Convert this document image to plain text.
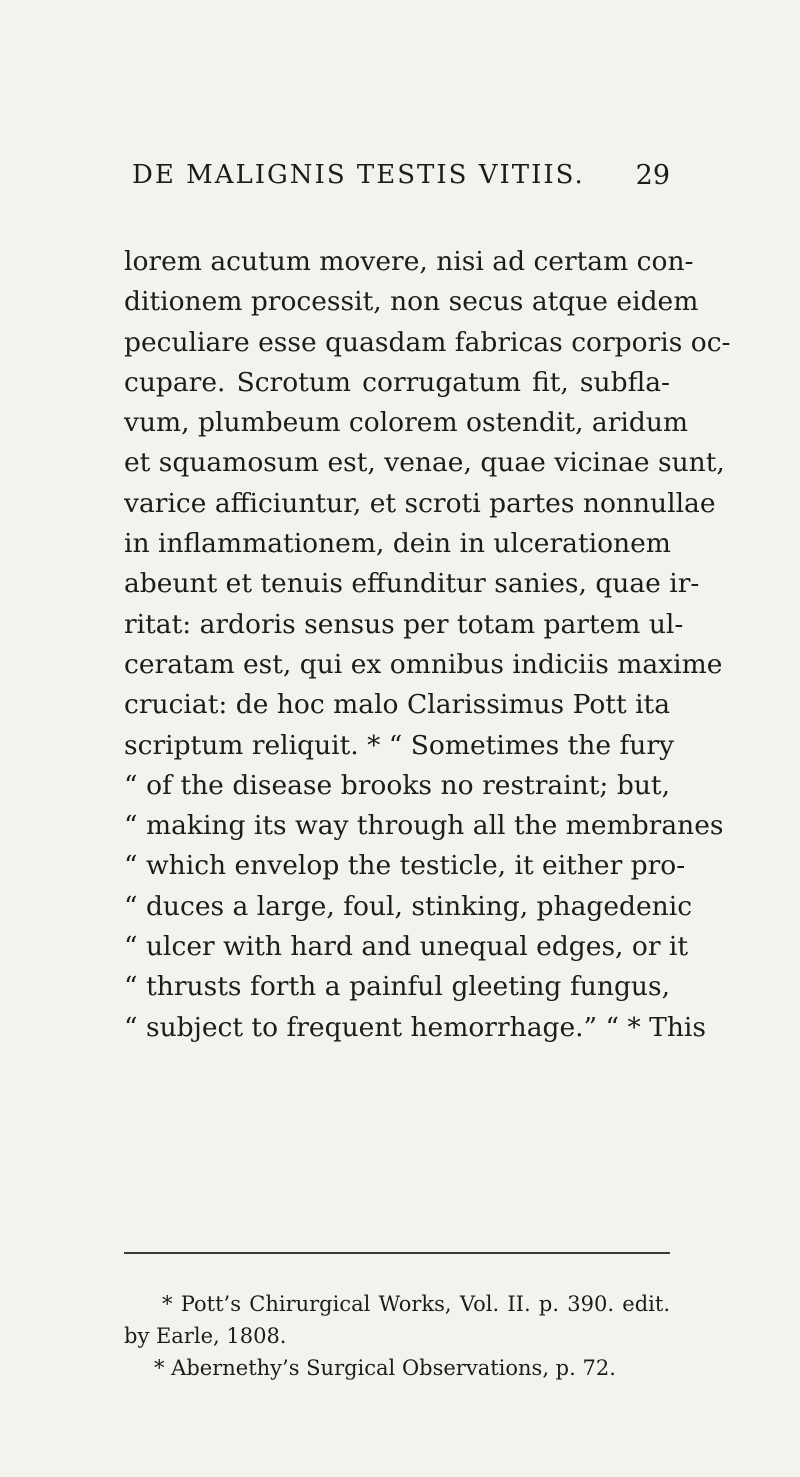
DE MALIGNIS TESTIS VITIIS. 29
lorem acutum movere, nisi ad certam con-
ditionem processit, non secus atque eidem
peculiare esse quasdam fabricas corporis oc-
cupare. Scrotum corrugatum fit, subfla-
vum, plumbeum colorem ostendit, aridum
et squamosum est, venae, quae vicinae sunt,
varice afficiuntur, et scroti partes nonnullae
in inflammationem, dein in ulcerationem
abeunt et tenuis effunditur sanies, quae ir-
ritat: ardoris sensus per totam partem ul-
ceratam est, qui ex omnibus indiciis maxime
cruciat: de hoc malo Clarissimus Pott ita
scriptum reliquit. * “ Sometimes the fury
“ of the disease brooks no restraint; but,
“ making its way through all the membranes
“ which envelop the testicle, it either pro-
“ duces a large, foul, stinking, phagedenic
“ ulcer with hard and unequal edges, or it
“ thrusts forth a painful gleeting fungus,
“ subject to frequent hemorrhage.” “ * This
* Pott’s Chirurgical Works, Vol. II. p. 390. edit.
by Earle, 1808.
* Abernethy’s Surgical Observations, p. 72.
